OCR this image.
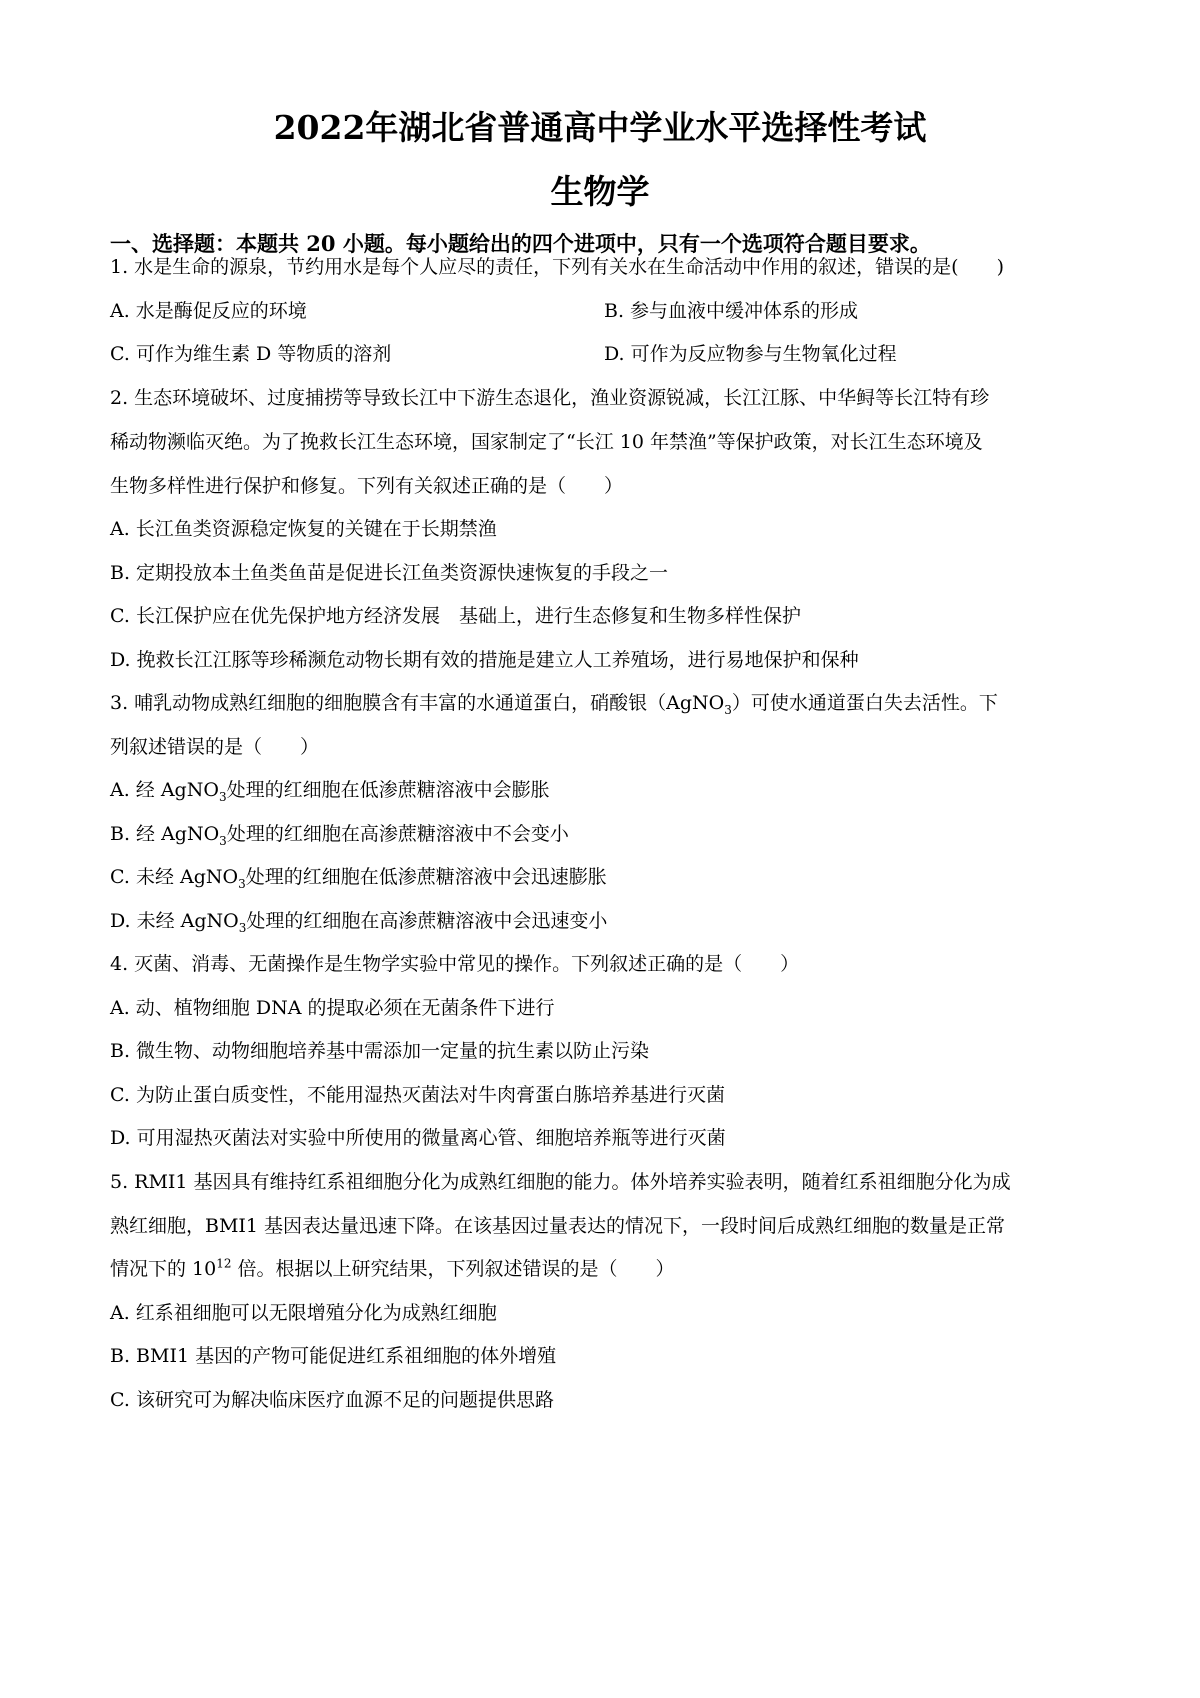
2022年湖北省普通高中学业水平选择性考试
生物学
一、选择题：本题共 20 小题。每小题给出的四个进项中，只有一个选项符合题目要求。
1. 水是生命的源泉，节约用水是每个人应尽的责任，下列有关水在生命活动中作用的叙述，错误的是(　　)
A. 水是酶促反应的环境	B. 参与血液中缓冲体系的形成
C. 可作为维生素 D 等物质的溶剂	D. 可作为反应物参与生物氧化过程
2. 生态环境破坏、过度捕捞等导致长江中下游生态退化，渔业资源锐减，长江江豚、中华鲟等长江特有珍
稀动物濒临灭绝。为了挽救长江生态环境，国家制定了“长江 10 年禁渔”等保护政策，对长江生态环境及
生物多样性进行保护和修复。下列有关叙述正确的是（　　）
A. 长江鱼类资源稳定恢复的关键在于长期禁渔
B. 定期投放本土鱼类鱼苗是促进长江鱼类资源快速恢复的手段之一
C. 长江保护应在优先保护地方经济发展　基础上，进行生态修复和生物多样性保护
D. 挽救长江江豚等珍稀濒危动物长期有效的措施是建立人工养殖场，进行易地保护和保种
3. 哺乳动物成熟红细胞的细胞膜含有丰富的水通道蛋白，硝酸银（AgNO$_3$）可使水通道蛋白失去活性。下
列叙述错误的是（　　）
A. 经 AgNO$_3$处理的红细胞在低渗蔗糖溶液中会膨胀
B. 经 AgNO$_3$处理的红细胞在高渗蔗糖溶液中不会变小
C. 未经 AgNO$_3$处理的红细胞在低渗蔗糖溶液中会迅速膨胀
D. 未经 AgNO$_3$处理的红细胞在高渗蔗糖溶液中会迅速变小
4. 灭菌、消毒、无菌操作是生物学实验中常见的操作。下列叙述正确的是（　　）
A. 动、植物细胞 DNA 的提取必须在无菌条件下进行
B. 微生物、动物细胞培养基中需添加一定量的抗生素以防止污染
C. 为防止蛋白质变性，不能用湿热灭菌法对牛肉膏蛋白胨培养基进行灭菌
D. 可用湿热灭菌法对实验中所使用的微量离心管、细胞培养瓶等进行灭菌
5. RMI1 基因具有维持红系祖细胞分化为成熟红细胞的能力。体外培养实验表明，随着红系祖细胞分化为成
熟红细胞，BMI1 基因表达量迅速下降。在该基因过量表达的情况下，一段时间后成熟红细胞的数量是正常
情况下的 $10^{12}$ 倍。根据以上研究结果，下列叙述错误的是（　　）
A. 红系祖细胞可以无限增殖分化为成熟红细胞
B. BMI1 基因的产物可能促进红系祖细胞的体外增殖
C. 该研究可为解决临床医疗血源不足的问题提供思路
